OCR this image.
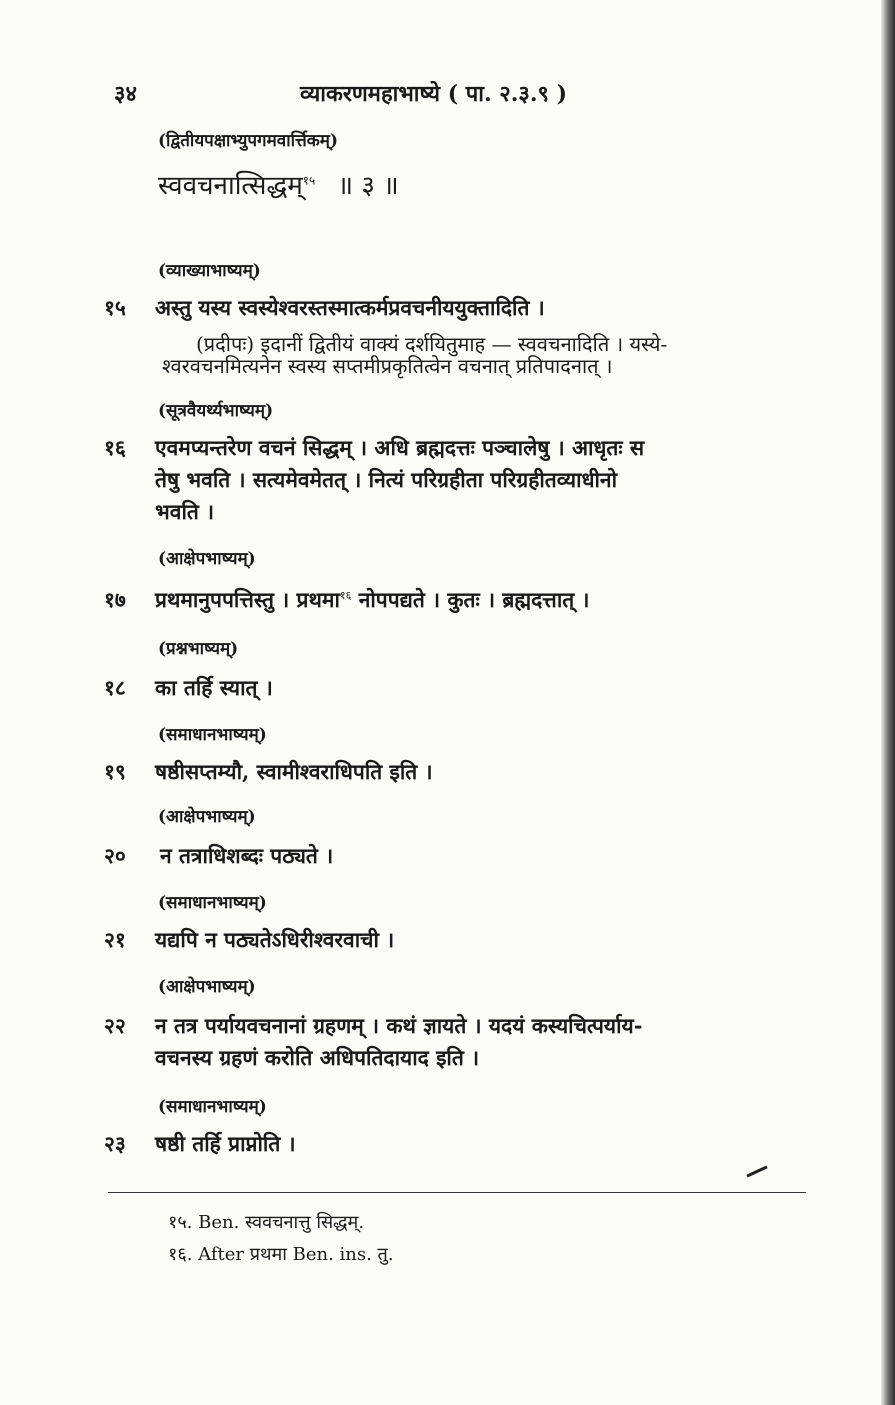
३४	व्याकरणमहाभाष्ये ( पा. २.३.९ )
(द्वितीयपक्षाभ्युपगमवार्त्तिकम्)
स्ववचनात्सिद्धम्$^{१५}$ ॥ ३ ॥
(व्याख्याभाष्यम्)
१५ अस्तु यस्य स्वस्येश्वरस्तस्मात्कर्मप्रवचनीययुक्तादिति ।
(प्रदीपः) इदानीं द्वितीयं वाक्यं दर्शयितुमाह — स्ववचनादिति । यस्ये-
श्वरवचनमित्यनेन स्वस्य सप्तमीप्रकृतित्वेन वचनात् प्रतिपादनात् ।
(सूत्रवैयर्थ्यभाष्यम्)
१६ एवमप्यन्तरेण वचनं सिद्धम् । अधि ब्रह्मदत्तः पञ्चालेषु । आधृतः स
तेषु भवति । सत्यमेवमेतत् । नित्यं परिग्रहीता परिग्रहीतव्याधीनो
भवति ।
(आक्षेपभाष्यम्)
१७ प्रथमानुपपत्तिस्तु । प्रथमा$^{१६}$ नोपपद्यते । कुतः । ब्रह्मदत्तात् ।
(प्रश्नभाष्यम्)
१८ का तर्हि स्यात् ।
(समाधानभाष्यम्)
१९ षष्ठीसप्तम्यौ, स्वामीश्वराधिपति इति ।
(आक्षेपभाष्यम्)
२० न तत्राधिशब्दः पठ्यते ।
(समाधानभाष्यम्)
२१ यद्यपि न पठ्यतेऽधिरीश्वरवाची ।
(आक्षेपभाष्यम्)
२२ न तत्र पर्यायवचनानां ग्रहणम् । कथं ज्ञायते । यदयं कस्यचित्पर्याय-
वचनस्य ग्रहणं करोति अधिपतिदायाद इति ।
(समाधानभाष्यम्)
२३ षष्ठी तर्हि प्राप्नोति ।
१५. Ben. स्ववचनात्तु सिद्धम्.
१६. After प्रथमा Ben. ins. तु.
